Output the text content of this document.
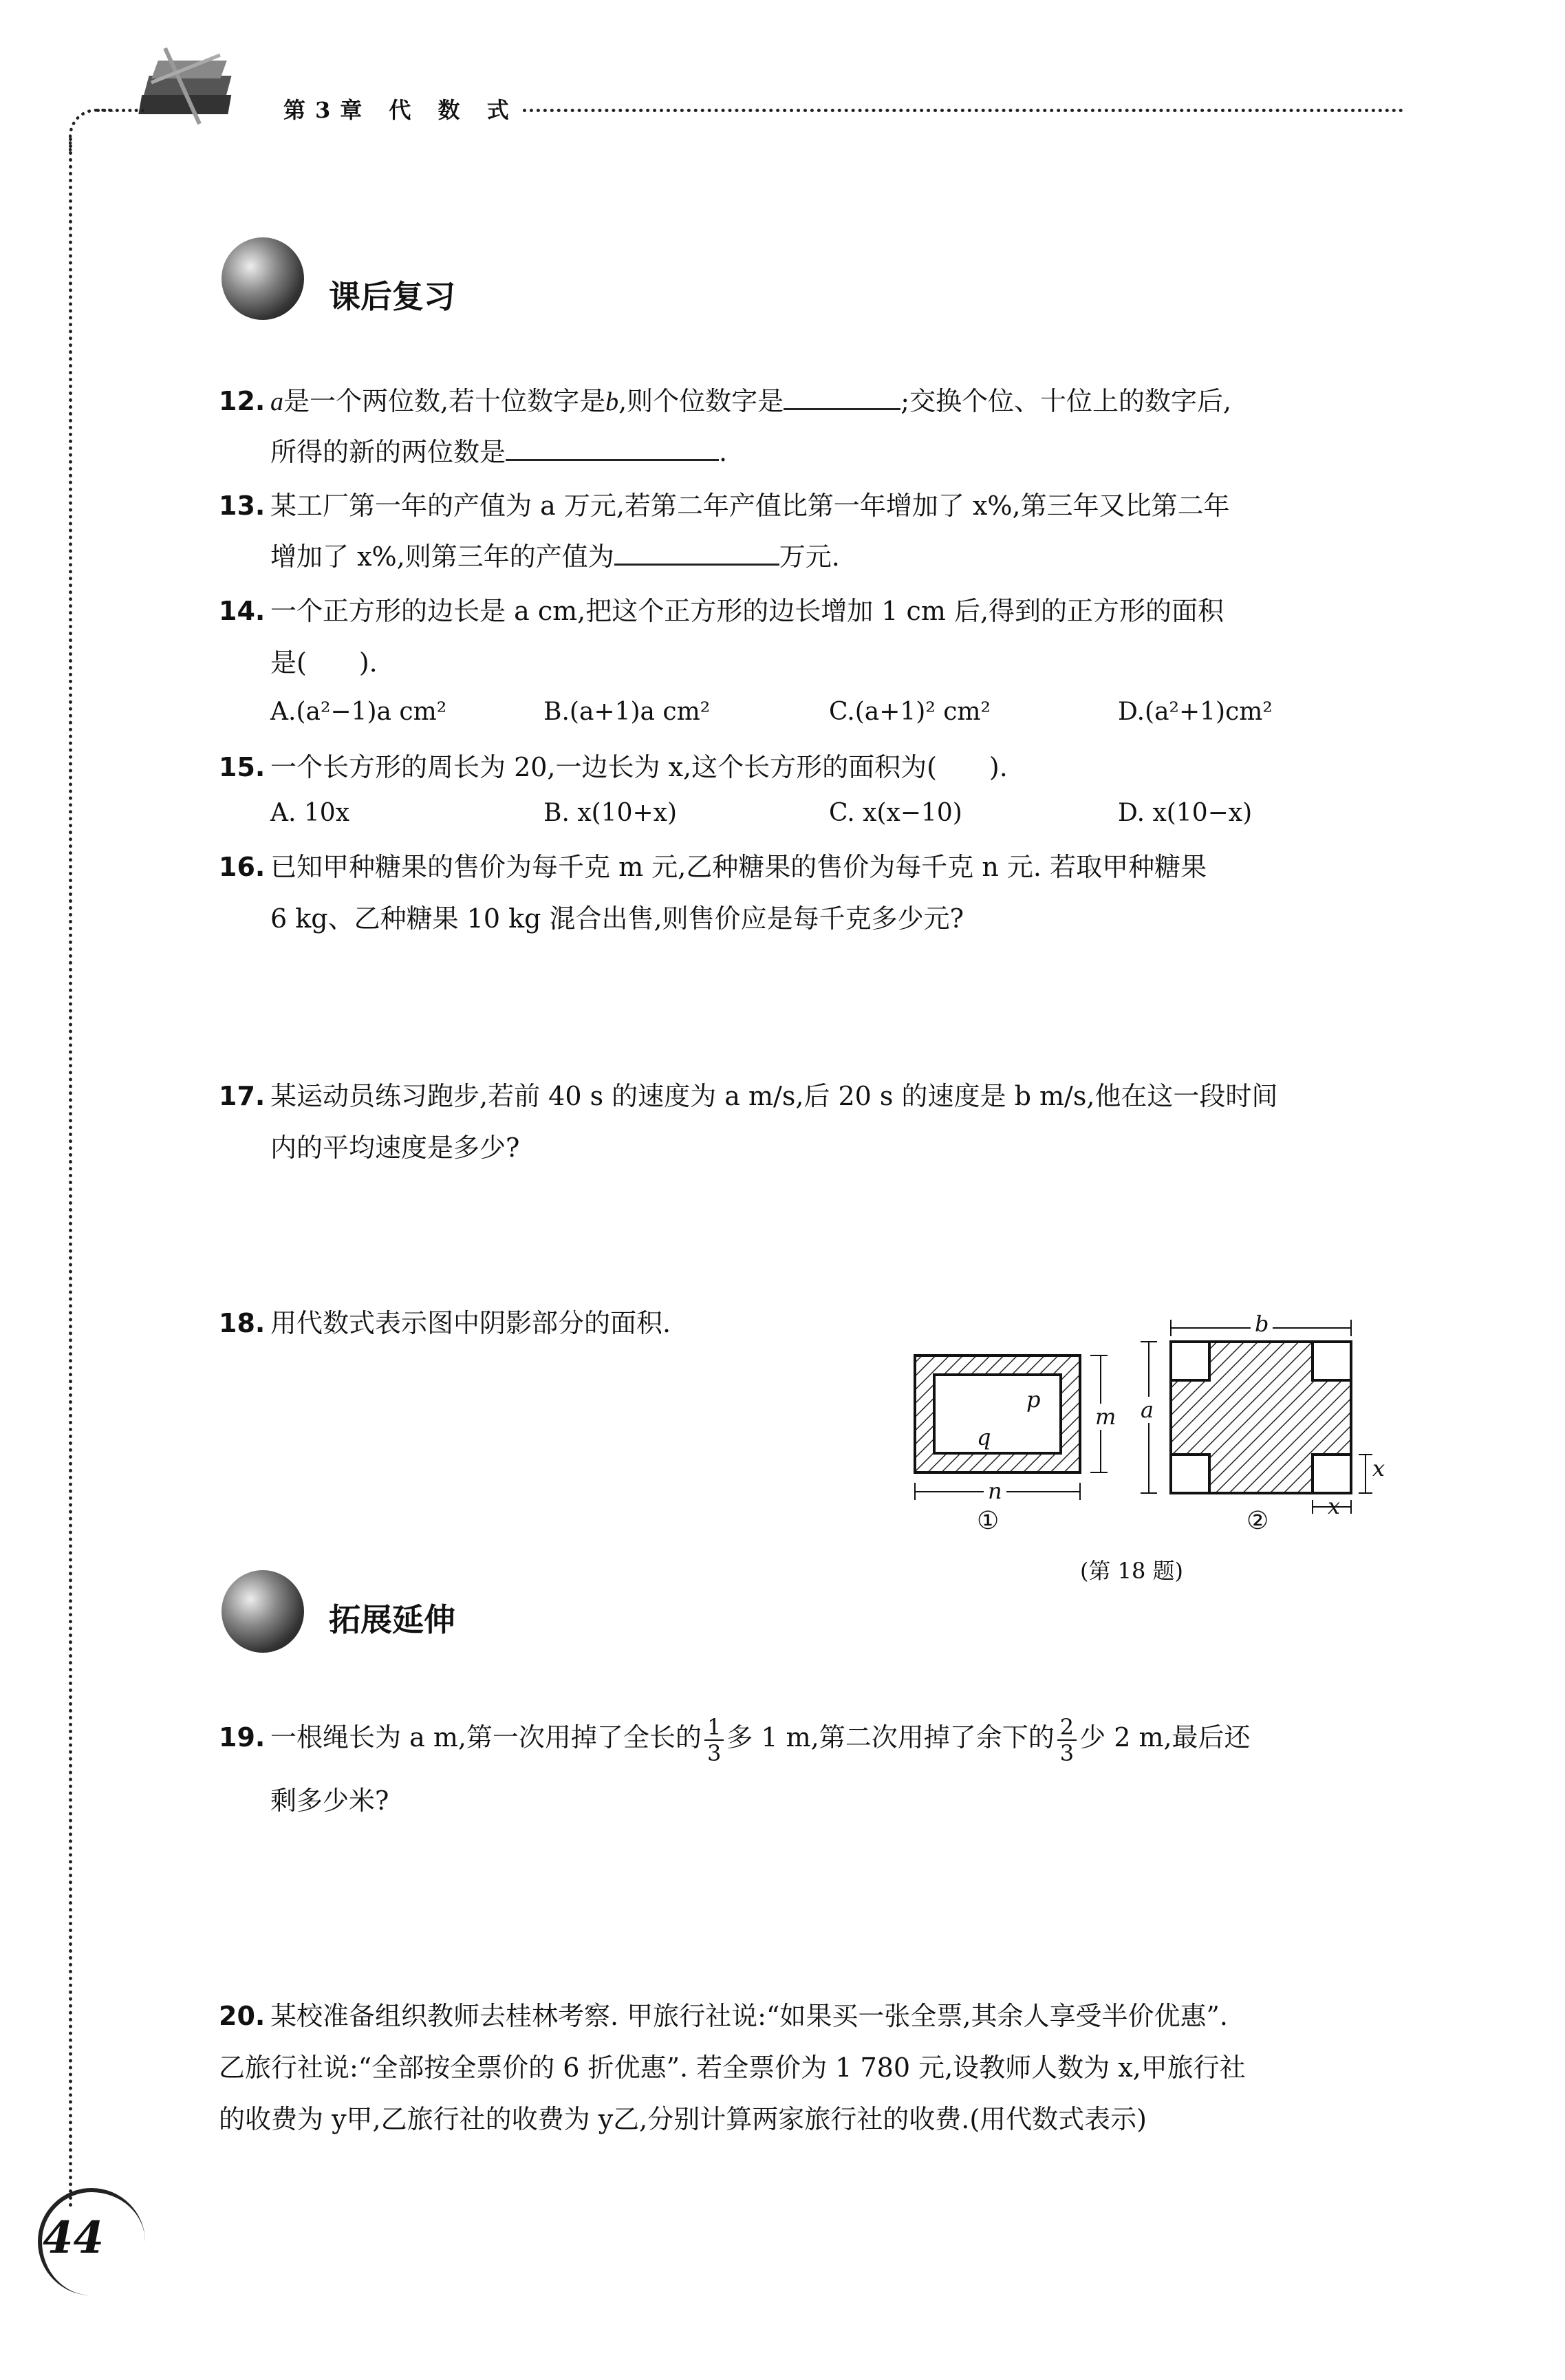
第3章 代 数 式
课后复习
12. a是一个两位数,若十位数字是b,则个位数字是	;交换个位、十位上的数字后,
所得的新的两位数是	.
13. 某工厂第一年的产值为 a 万元,若第二年产值比第一年增加了 x%,第三年又比第二年
增加了 x%,则第三年的产值为	万元.
14. 一个正方形的边长是 a cm,把这个正方形的边长增加 1 cm 后,得到的正方形的面积
是(　　).
A.(a²−1)a cm²	B.(a+1)a cm²	C.(a+1)² cm²	D.(a²+1)cm²
15. 一个长方形的周长为 20,一边长为 x,这个长方形的面积为(　　).
A. 10x	B. x(10+x)	C. x(x−10)	D. x(10−x)
16. 已知甲种糖果的售价为每千克 m 元,乙种糖果的售价为每千克 n 元. 若取甲种糖果
6 kg、乙种糖果 10 kg 混合出售,则售价应是每千克多少元?
17. 某运动员练习跑步,若前 40 s 的速度为 a m/s,后 20 s 的速度是 b m/s,他在这一段时间
内的平均速度是多少?
18. 用代数式表示图中阴影部分的面积.
p
q
m
n
①
b
a
x
x
②
(第 18 题)
拓展延伸
19. 一根绳长为 a m,第一次用掉了全长的 $\frac{1}{3}$ 多 1 m,第二次用掉了余下的 $\frac{2}{3}$ 少 2 m,最后还
剩多少米?
20. 某校准备组织教师去桂林考察. 甲旅行社说:“如果买一张全票,其余人享受半价优惠”.
乙旅行社说:“全部按全票价的 6 折优惠”. 若全票价为 1 780 元,设教师人数为 x,甲旅行社
的收费为 y甲,乙旅行社的收费为 y乙,分别计算两家旅行社的收费.(用代数式表示)
44
